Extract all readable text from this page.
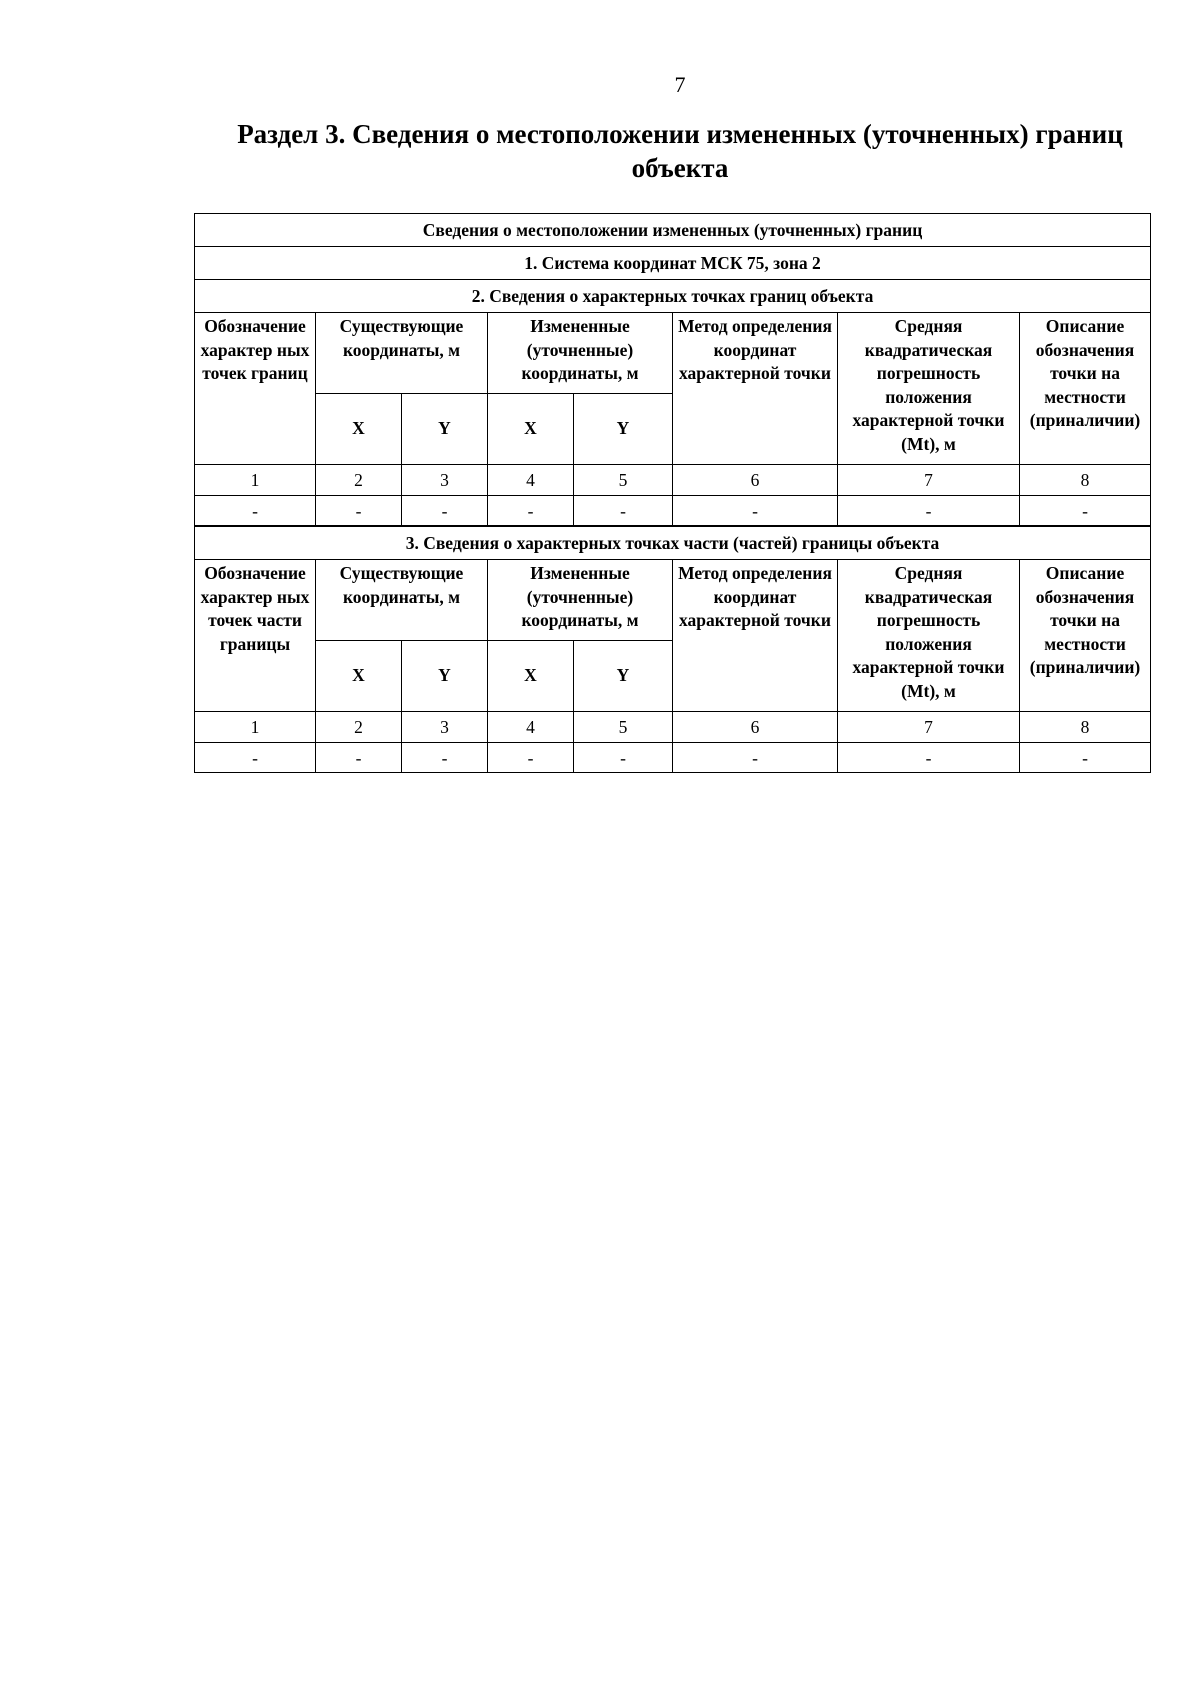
7
Раздел 3. Сведения о местоположении измененных (уточненных) границ объекта
Сведения о местоположении измененных (уточненных) границ							
1. Система координат МСК 75, зона 2							
2. Сведения о характерных точках границ объекта							
Обозначение характер ных точек границ	Существующие координаты, м		Измененные (уточненные) координаты, м		Метод определения координат характерной точки	Средняя квадратическая погрешность положения характерной точки (Mt), м	Описание обозначения точки на местности (приналичии)
	X	Y	X	Y			
1	2	3	4	5	6	7	8
-	-	-	-	-	-	-	-
3. Сведения о характерных точках части (частей) границы объекта							
Обозначение характер ных точек части границы	Существующие координаты, м		Измененные (уточненные) координаты, м		Метод определения координат характерной точки	Средняя квадратическая погрешность положения характерной точки (Mt), м	Описание обозначения точки на местности (приналичии)
	X	Y	X	Y			
1	2	3	4	5	6	7	8
-	-	-	-	-	-	-	-
